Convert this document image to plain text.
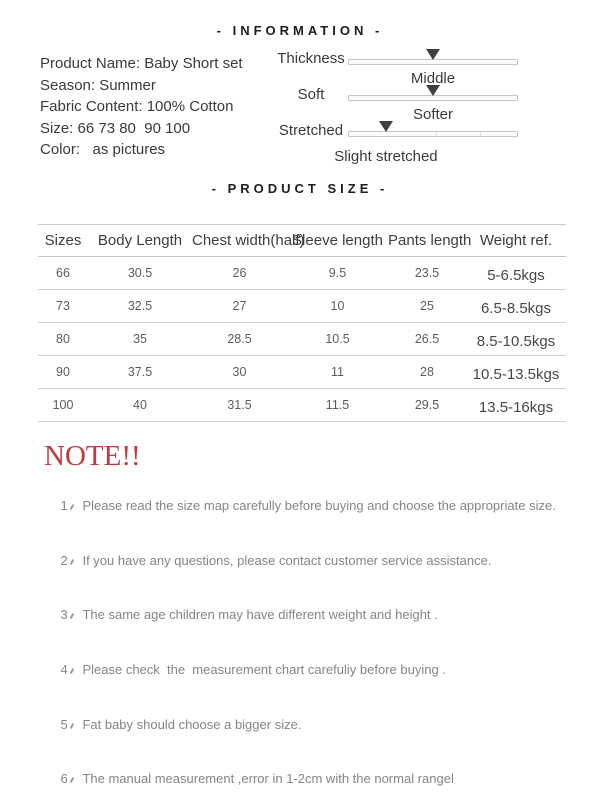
- INFORMATION -
Product Name: Baby Short set
Season: Summer
Fabric Content: 100% Cotton
Size: 66 73 80  90 100
Color:   as pictures
Thickness
Middle
Soft
Softer
Stretched
Slight stretched
- PRODUCT SIZE -
Sizes	Body Length	Chest width(half)	Sleeve length	Pants length	Weight ref.
66	30.5	26	9.5	23.5	5-6.5kgs
73	32.5	27	10	25	6.5-8.5kgs
80	35	28.5	10.5	26.5	8.5-10.5kgs
90	37.5	30	11	28	10.5-13.5kgs
100	40	31.5	11.5	29.5	13.5-16kgs
NOTE!!

1 Please read the size map carefully before buying and choose the appropriate size.

2 If you have any questions, please contact customer service assistance.

3 The same age children may have different weight and height .

4 Please check  the  measurement chart carefuliy before buying .

5 Fat baby should choose a bigger size.

6 The manual measurement ,error in 1-2cm with the normal rangel
